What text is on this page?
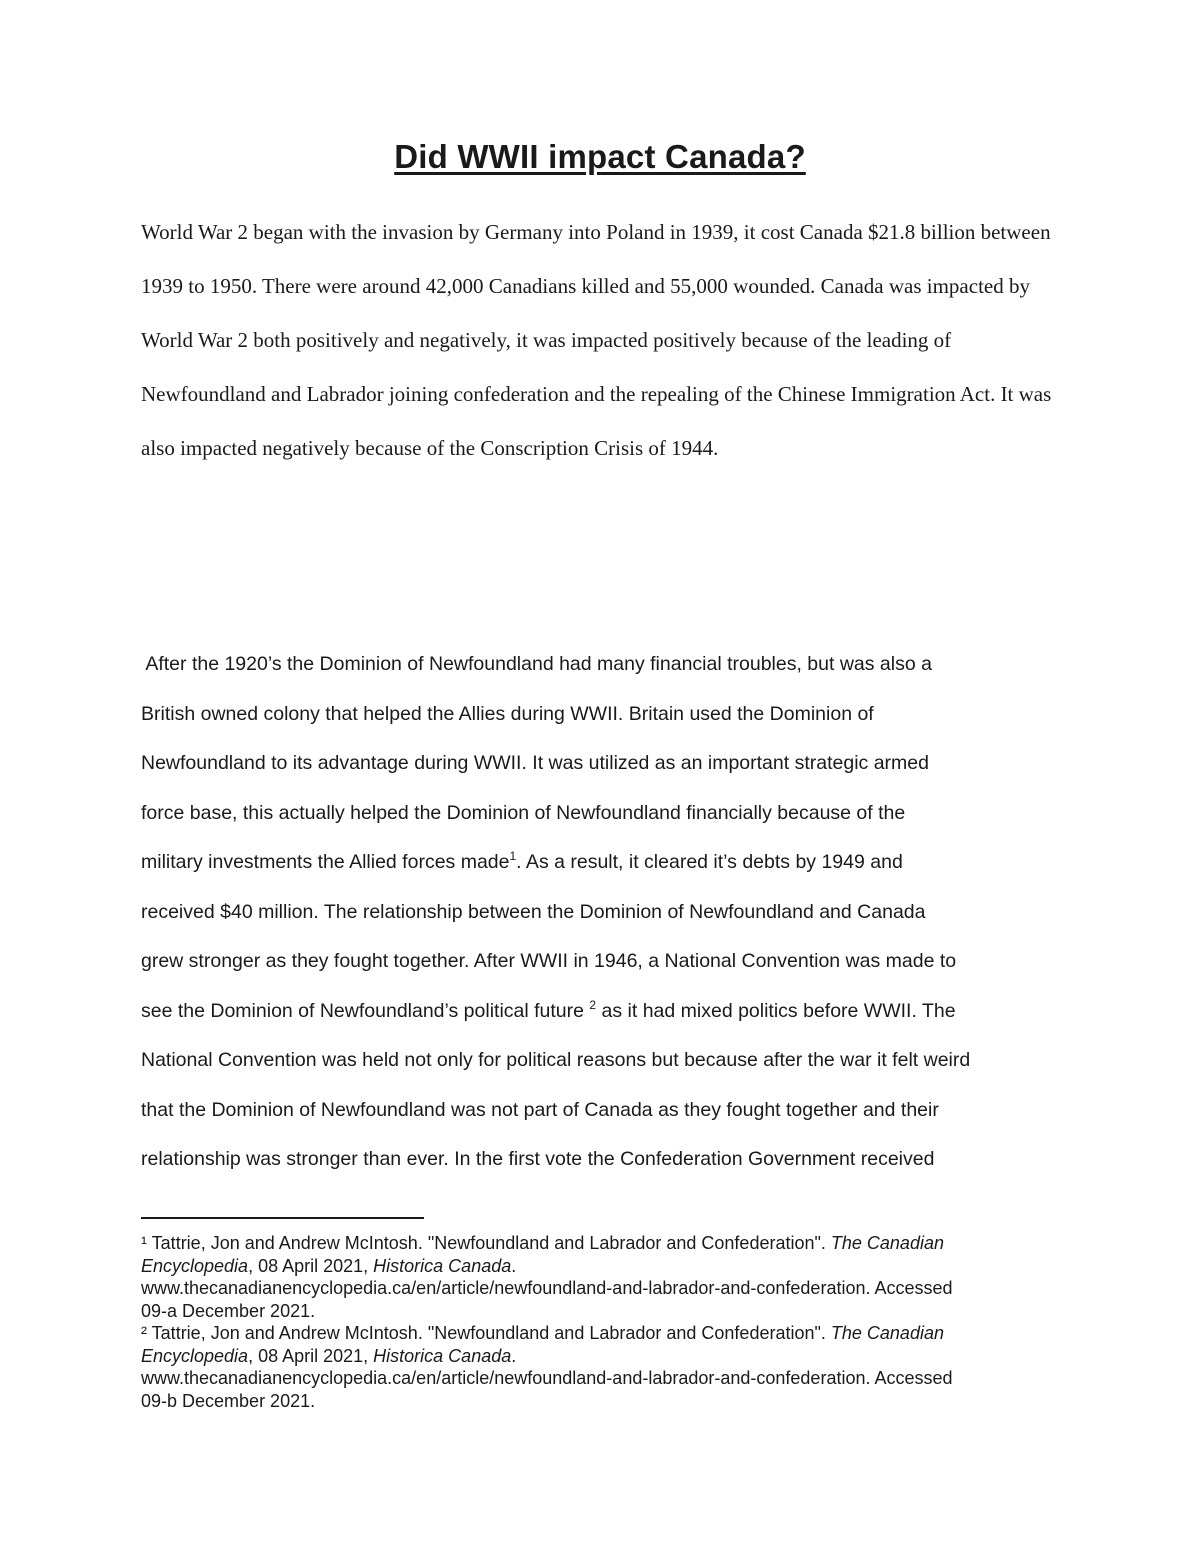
Did WWII impact Canada?

World War 2 began with the invasion by Germany into Poland in 1939, it cost Canada $21.8 billion between 1939 to 1950. There were around 42,000 Canadians killed and 55,000 wounded. Canada was impacted by World War 2 both positively and negatively, it was impacted positively because of the leading of Newfoundland and Labrador joining confederation and the repealing of the Chinese Immigration Act. It was also impacted negatively because of the Conscription Crisis of 1944.

After the 1920’s the Dominion of Newfoundland had many financial troubles, but was also a
British owned colony that helped the Allies during WWII. Britain used the Dominion of
Newfoundland to its advantage during WWII. It was utilized as an important strategic armed
force base, this actually helped the Dominion of Newfoundland financially because of the
military investments the Allied forces made$^1$. As a result, it cleared it’s debts by 1949 and
received $40 million. The relationship between the Dominion of Newfoundland and Canada
grew stronger as they fought together. After WWII in 1946, a National Convention was made to
see the Dominion of Newfoundland’s political future $^2$ as it had mixed politics before WWII. The
National Convention was held not only for political reasons but because after the war it felt weird
that the Dominion of Newfoundland was not part of Canada as they fought together and their
relationship was stronger than ever. In the first vote the Confederation Government received
¹ Tattrie, Jon and Andrew McIntosh. "Newfoundland and Labrador and Confederation". The Canadian
Encyclopedia, 08 April 2021, Historica Canada.
www.thecanadianencyclopedia.ca/en/article/newfoundland-and-labrador-and-confederation. Accessed
09-a December 2021.
² Tattrie, Jon and Andrew McIntosh. "Newfoundland and Labrador and Confederation". The Canadian
Encyclopedia, 08 April 2021, Historica Canada.
www.thecanadianencyclopedia.ca/en/article/newfoundland-and-labrador-and-confederation. Accessed
09-b December 2021.
